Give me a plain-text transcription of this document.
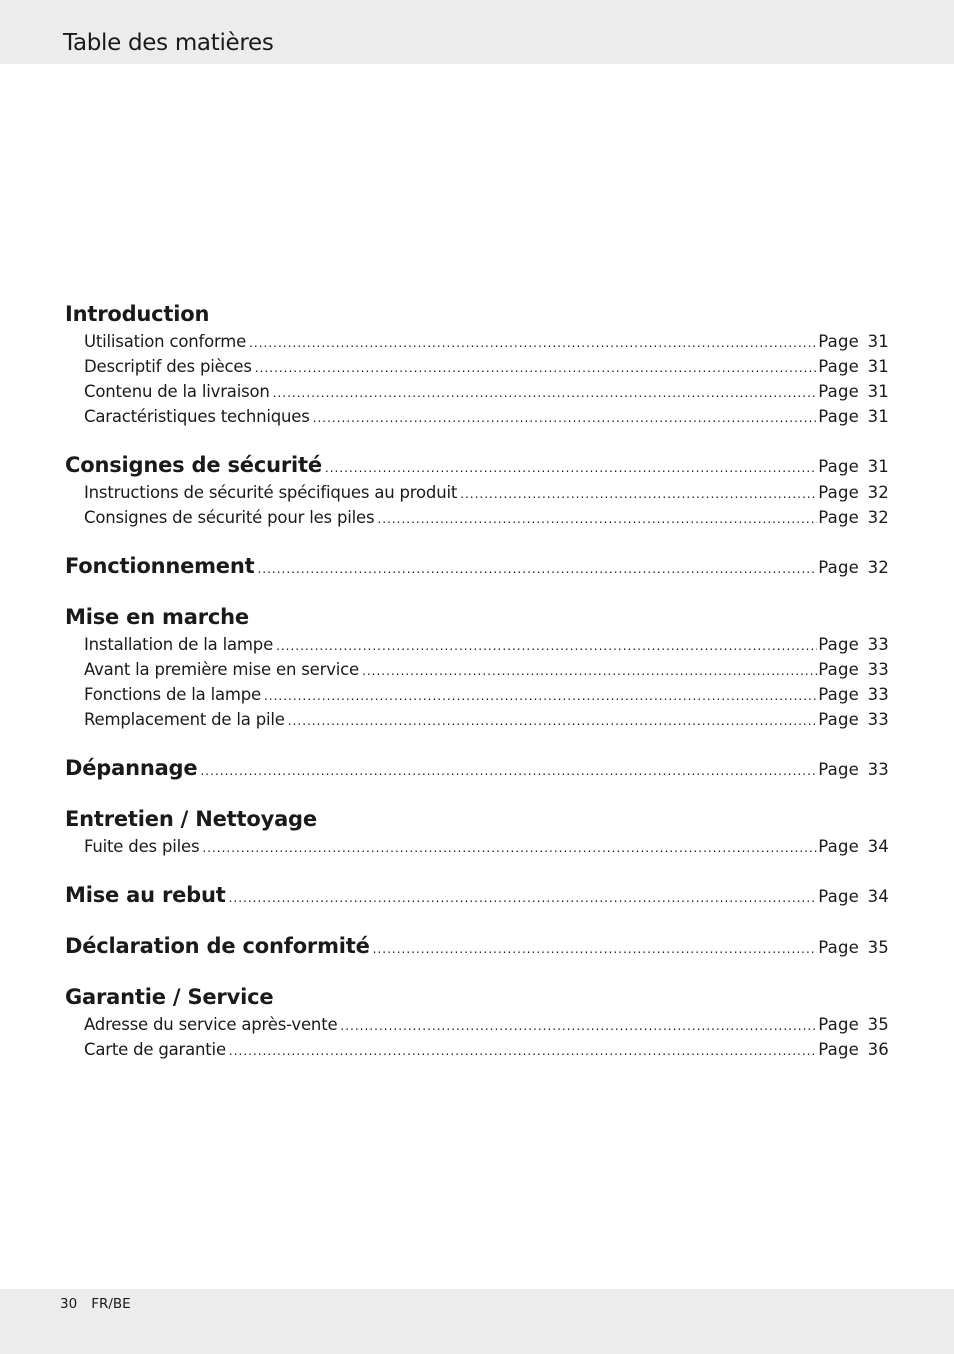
Table des matières
Introduction
Utilisation conforme .....	Page 31
Descriptif des pièces .....	Page 31
Contenu de la livraison .....	Page 31
Caractéristiques techniques .....	Page 31
Consignes de sécurité .....	Page 31
Instructions de sécurité spécifiques au produit .....	Page 32
Consignes de sécurité pour les piles .....	Page 32
Fonctionnement .....	Page 32
Mise en marche
Installation de la lampe .....	Page 33
Avant la première mise en service .....	Page 33
Fonctions de la lampe .....	Page 33
Remplacement de la pile .....	Page 33
Dépannage .....	Page 33
Entretien / Nettoyage
Fuite des piles .....	Page 34
Mise au rebut .....	Page 34
Déclaration de conformité .....	Page 35
Garantie / Service
Adresse du service après-vente .....	Page 35
Carte de garantie .....	Page 36
30 FR/BE
